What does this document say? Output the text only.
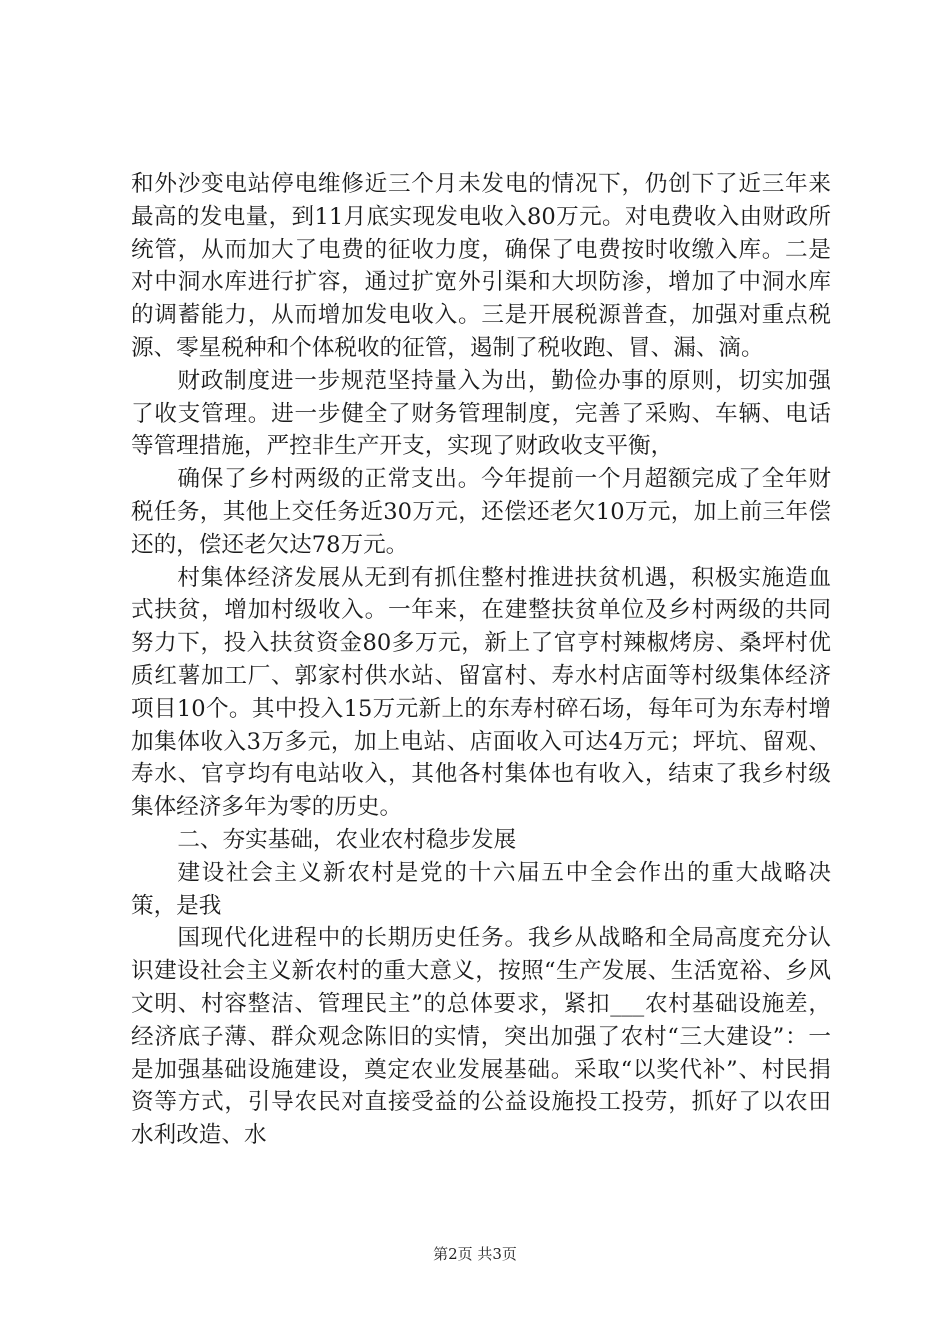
和外沙变电站停电维修近三个月未发电的情况下，仍创下了近三年来最高的发电量，到11月底实现发电收入80万元。对电费收入由财政所统管，从而加大了电费的征收力度，确保了电费按时收缴入库。二是对中洞水库进行扩容，通过扩宽外引渠和大坝防渗，增加了中洞水库的调蓄能力，从而增加发电收入。三是开展税源普查，加强对重点税源、零星税种和个体税收的征管，遏制了税收跑、冒、漏、滴。

财政制度进一步规范坚持量入为出，勤俭办事的原则，切实加强了收支管理。进一步健全了财务管理制度，完善了采购、车辆、电话等管理措施，严控非生产开支，实现了财政收支平衡，

确保了乡村两级的正常支出。今年提前一个月超额完成了全年财税任务，其他上交任务近30万元，还偿还老欠10万元，加上前三年偿还的，偿还老欠达78万元。

村集体经济发展从无到有抓住整村推进扶贫机遇，积极实施造血式扶贫，增加村级收入。一年来，在建整扶贫单位及乡村两级的共同努力下，投入扶贫资金80多万元，新上了官亨村辣椒烤房、桑坪村优质红薯加工厂、郭家村供水站、留富村、寿水村店面等村级集体经济项目10个。其中投入15万元新上的东寿村碎石场，每年可为东寿村增加集体收入3万多元，加上电站、店面收入可达4万元；坪坑、留观、寿水、官亨均有电站收入，其他各村集体也有收入，结束了我乡村级集体经济多年为零的历史。

二、夯实基础，农业农村稳步发展

建设社会主义新农村是党的十六届五中全会作出的重大战略决策，是我

国现代化进程中的长期历史任务。我乡从战略和全局高度充分认识建设社会主义新农村的重大意义，按照“生产发展、生活宽裕、乡风文明、村容整洁、管理民主”的总体要求，紧扣___农村基础设施差，经济底子薄、群众观念陈旧的实情，突出加强了农村“三大建设”：一是加强基础设施建设，奠定农业发展基础。采取“以奖代补”、村民捐资等方式，引导农民对直接受益的公益设施投工投劳，抓好了以农田水利改造、水

第2页 共3页
